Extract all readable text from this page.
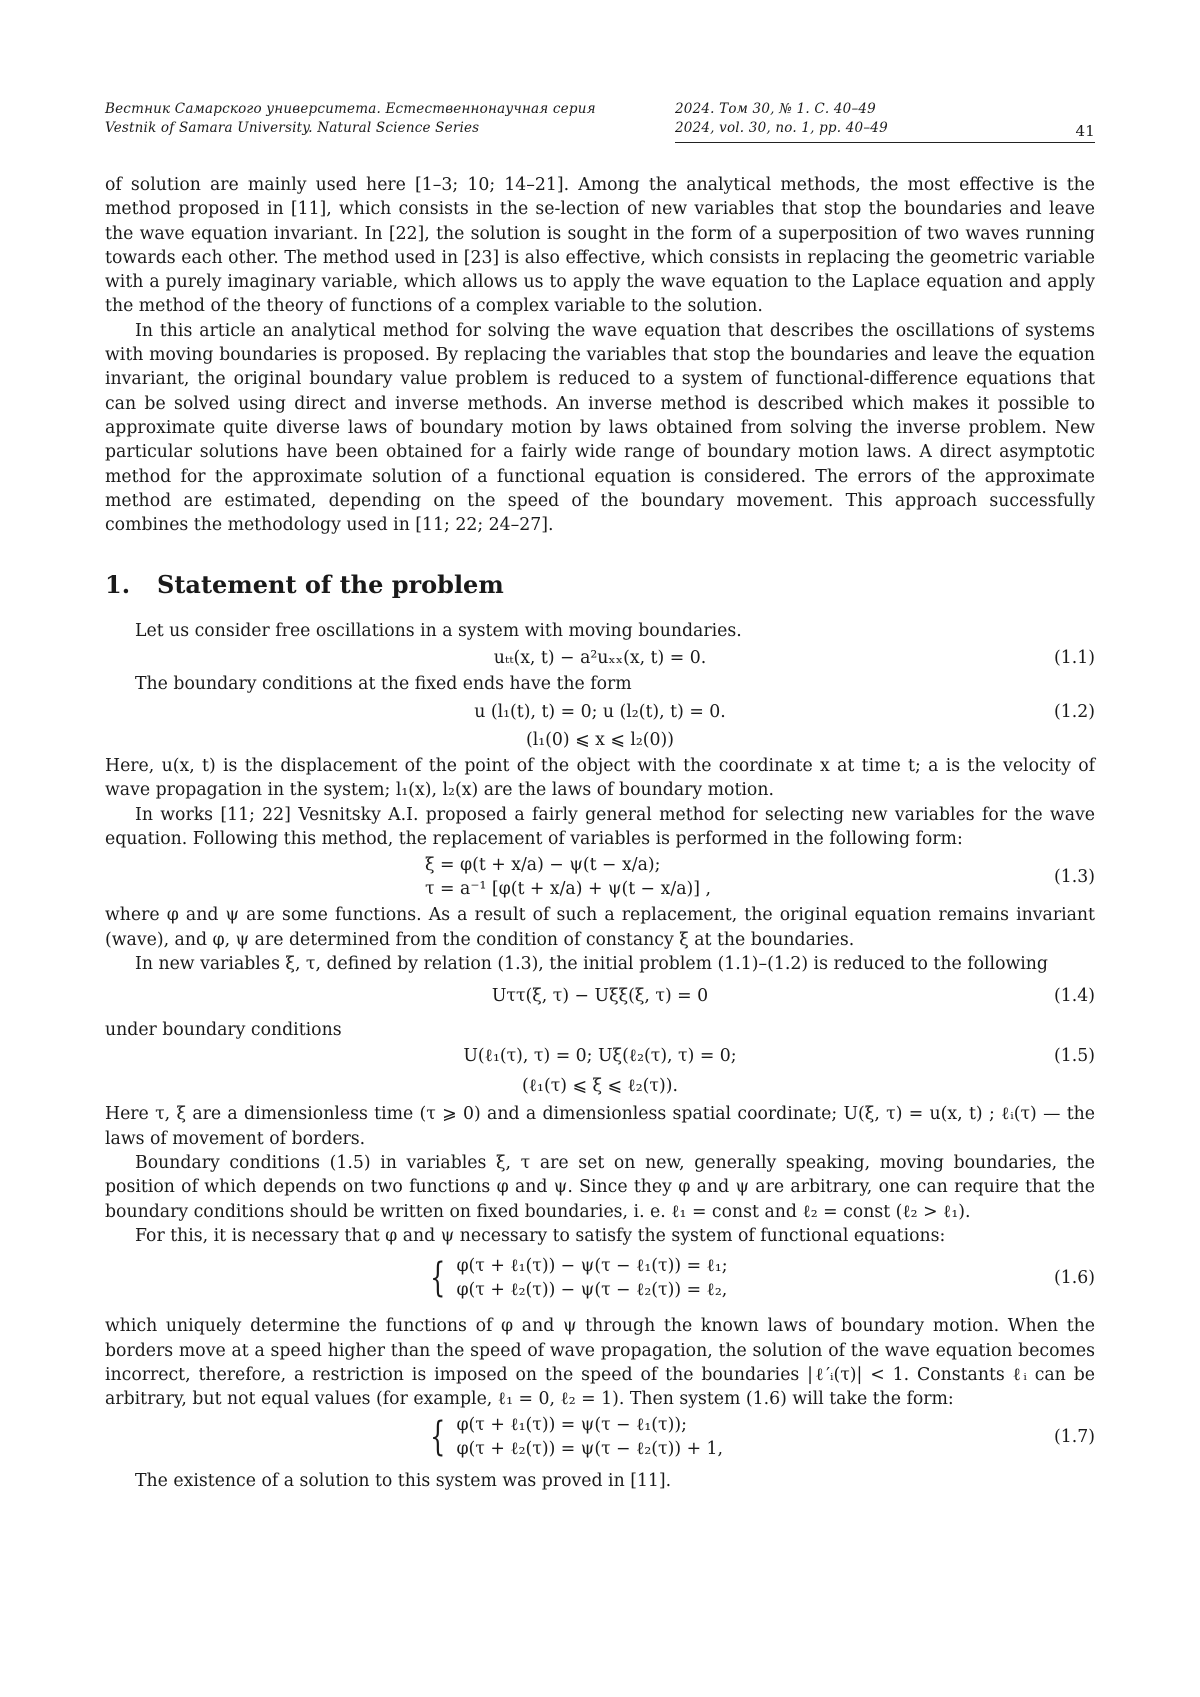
Вестник Самарского университета. Естественнонаучная серия
Vestnik of Samara University. Natural Science Series
2024. Том 30, № 1. С. 40–49
2024, vol. 30, no. 1, pp. 40–49	41

of solution are mainly used here [1–3; 10; 14–21]. Among the analytical methods, the most effective is the method proposed in [11], which consists in the se-lection of new variables that stop the boundaries and leave the wave equation invariant. In [22], the solution is sought in the form of a superposition of two waves running towards each other. The method used in [23] is also effective, which consists in replacing the geometric variable with a purely imaginary variable, which allows us to apply the wave equation to the Laplace equation and apply the method of the theory of functions of a complex variable to the solution.

In this article an analytical method for solving the wave equation that describes the oscillations of systems with moving boundaries is proposed. By replacing the variables that stop the boundaries and leave the equation invariant, the original boundary value problem is reduced to a system of functional-difference equations that can be solved using direct and inverse methods. An inverse method is described which makes it possible to approximate quite diverse laws of boundary motion by laws obtained from solving the inverse problem. New particular solutions have been obtained for a fairly wide range of boundary motion laws. A direct asymptotic method for the approximate solution of a functional equation is considered. The errors of the approximate method are estimated, depending on the speed of the boundary movement. This approach successfully combines the methodology used in [11; 22; 24–27].

1. Statement of the problem

Let us consider free oscillations in a system with moving boundaries.

uₜₜ(x, t) − a²uₓₓ(x, t) = 0.	(1.1)

The boundary conditions at the fixed ends have the form

u (l₁(t), t) = 0; u (l₂(t), t) = 0.	(1.2)
(l₁(0) ⩽ x ⩽ l₂(0))

Here, u(x, t) is the displacement of the point of the object with the coordinate x at time t; a is the velocity of wave propagation in the system; l₁(x), l₂(x) are the laws of boundary motion.

In works [11; 22] Vesnitsky A.I. proposed a fairly general method for selecting new variables for the wave equation. Following this method, the replacement of variables is performed in the following form:

ξ = φ(t + x/a) − ψ(t − x/a);
τ = a⁻¹ [φ(t + x/a) + ψ(t − x/a)] ,
(1.3)

where φ and ψ are some functions. As a result of such a replacement, the original equation remains invariant (wave), and φ, ψ are determined from the condition of constancy ξ at the boundaries.

In new variables ξ, τ, defined by relation (1.3), the initial problem (1.1)–(1.2) is reduced to the following

Uττ(ξ, τ) − Uξξ(ξ, τ) = 0	(1.4)

under boundary conditions

U(ℓ₁(τ), τ) = 0; Uξ(ℓ₂(τ), τ) = 0;	(1.5)
(ℓ₁(τ) ⩽ ξ ⩽ ℓ₂(τ)).

Here τ, ξ are a dimensionless time (τ ⩾ 0) and a dimensionless spatial coordinate; U(ξ, τ) = u(x, t) ; ℓᵢ(τ) — the laws of movement of borders.

Boundary conditions (1.5) in variables ξ, τ are set on new, generally speaking, moving boundaries, the position of which depends on two functions φ and ψ. Since they φ and ψ are arbitrary, one can require that the boundary conditions should be written on fixed boundaries, i. e. ℓ₁ = const and ℓ₂ = const (ℓ₂ > ℓ₁).

For this, it is necessary that φ and ψ necessary to satisfy the system of functional equations:

{ φ(τ + ℓ₁(τ)) − ψ(τ − ℓ₁(τ)) = ℓ₁;
φ(τ + ℓ₂(τ)) − ψ(τ − ℓ₂(τ)) = ℓ₂,
(1.6)

which uniquely determine the functions of φ and ψ through the known laws of boundary motion. When the borders move at a speed higher than the speed of wave propagation, the solution of the wave equation becomes incorrect, therefore, a restriction is imposed on the speed of the boundaries |ℓ′ᵢ(τ)| < 1. Constants ℓᵢ can be arbitrary, but not equal values (for example, ℓ₁ = 0, ℓ₂ = 1). Then system (1.6) will take the form:

{ φ(τ + ℓ₁(τ)) = ψ(τ − ℓ₁(τ));
φ(τ + ℓ₂(τ)) = ψ(τ − ℓ₂(τ)) + 1,
(1.7)

The existence of a solution to this system was proved in [11].
